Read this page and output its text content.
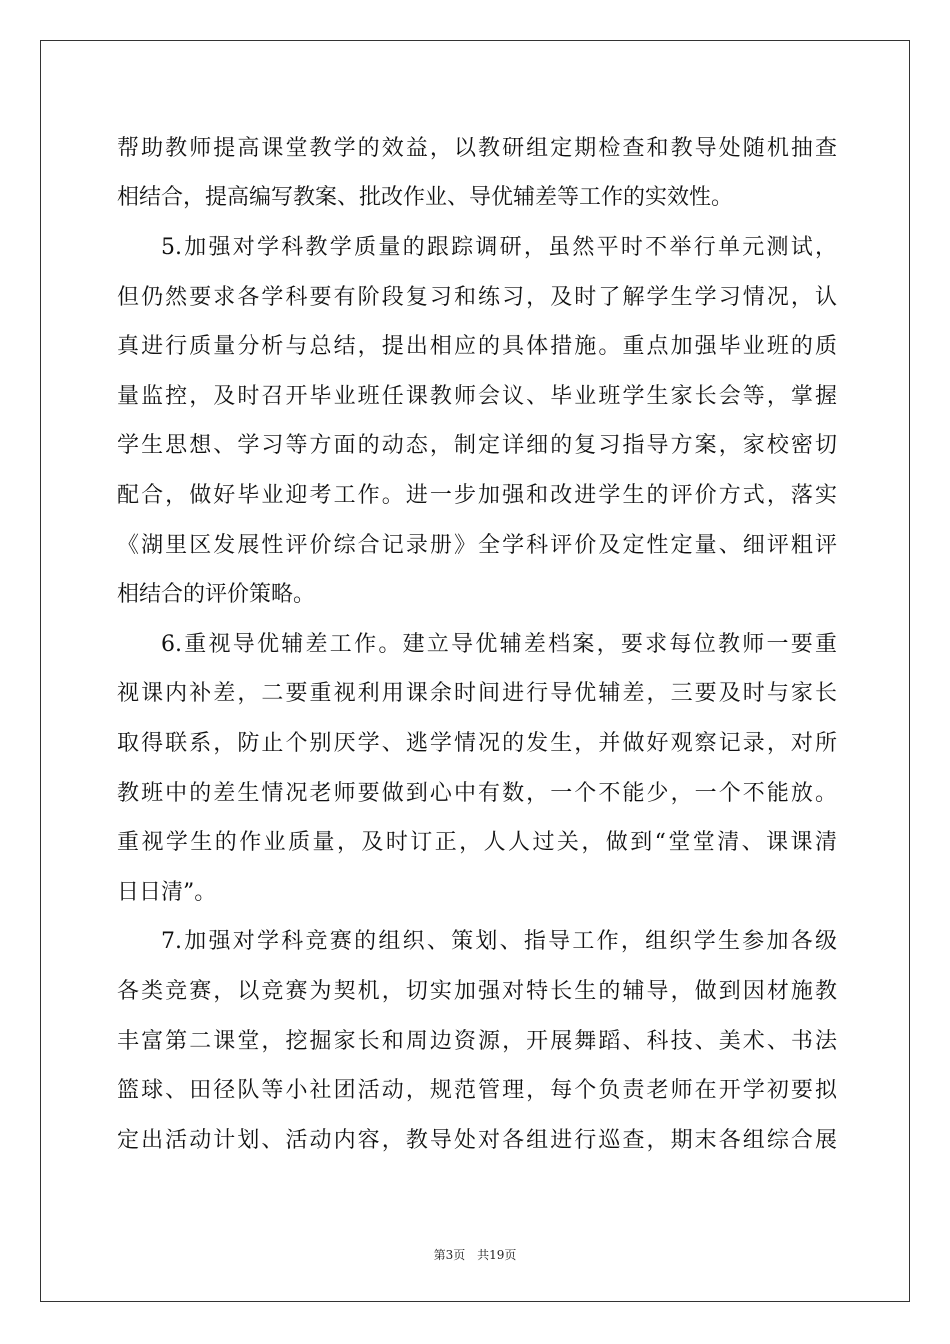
帮助教师提高课堂教学的效益，以教研组定期检查和教导处随机抽查
相结合，提高编写教案、批改作业、导优辅差等工作的实效性。
5.加强对学科教学质量的跟踪调研，虽然平时不举行单元测试，
但仍然要求各学科要有阶段复习和练习，及时了解学生学习情况，认
真进行质量分析与总结，提出相应的具体措施。重点加强毕业班的质
量监控，及时召开毕业班任课教师会议、毕业班学生家长会等，掌握
学生思想、学习等方面的动态，制定详细的复习指导方案，家校密切
配合，做好毕业迎考工作。进一步加强和改进学生的评价方式，落实
《湖里区发展性评价综合记录册》全学科评价及定性定量、细评粗评
相结合的评价策略。
6.重视导优辅差工作。建立导优辅差档案，要求每位教师一要重
视课内补差，二要重视利用课余时间进行导优辅差，三要及时与家长
取得联系，防止个别厌学、逃学情况的发生，并做好观察记录，对所
教班中的差生情况老师要做到心中有数，一个不能少，一个不能放。
重视学生的作业质量，及时订正，人人过关，做到“堂堂清、课课清
日日清”。
7.加强对学科竞赛的组织、策划、指导工作，组织学生参加各级
各类竞赛，以竞赛为契机，切实加强对特长生的辅导，做到因材施教
丰富第二课堂，挖掘家长和周边资源，开展舞蹈、科技、美术、书法
篮球、田径队等小社团活动，规范管理，每个负责老师在开学初要拟
定出活动计划、活动内容，教导处对各组进行巡查，期末各组综合展
第3页 共19页
